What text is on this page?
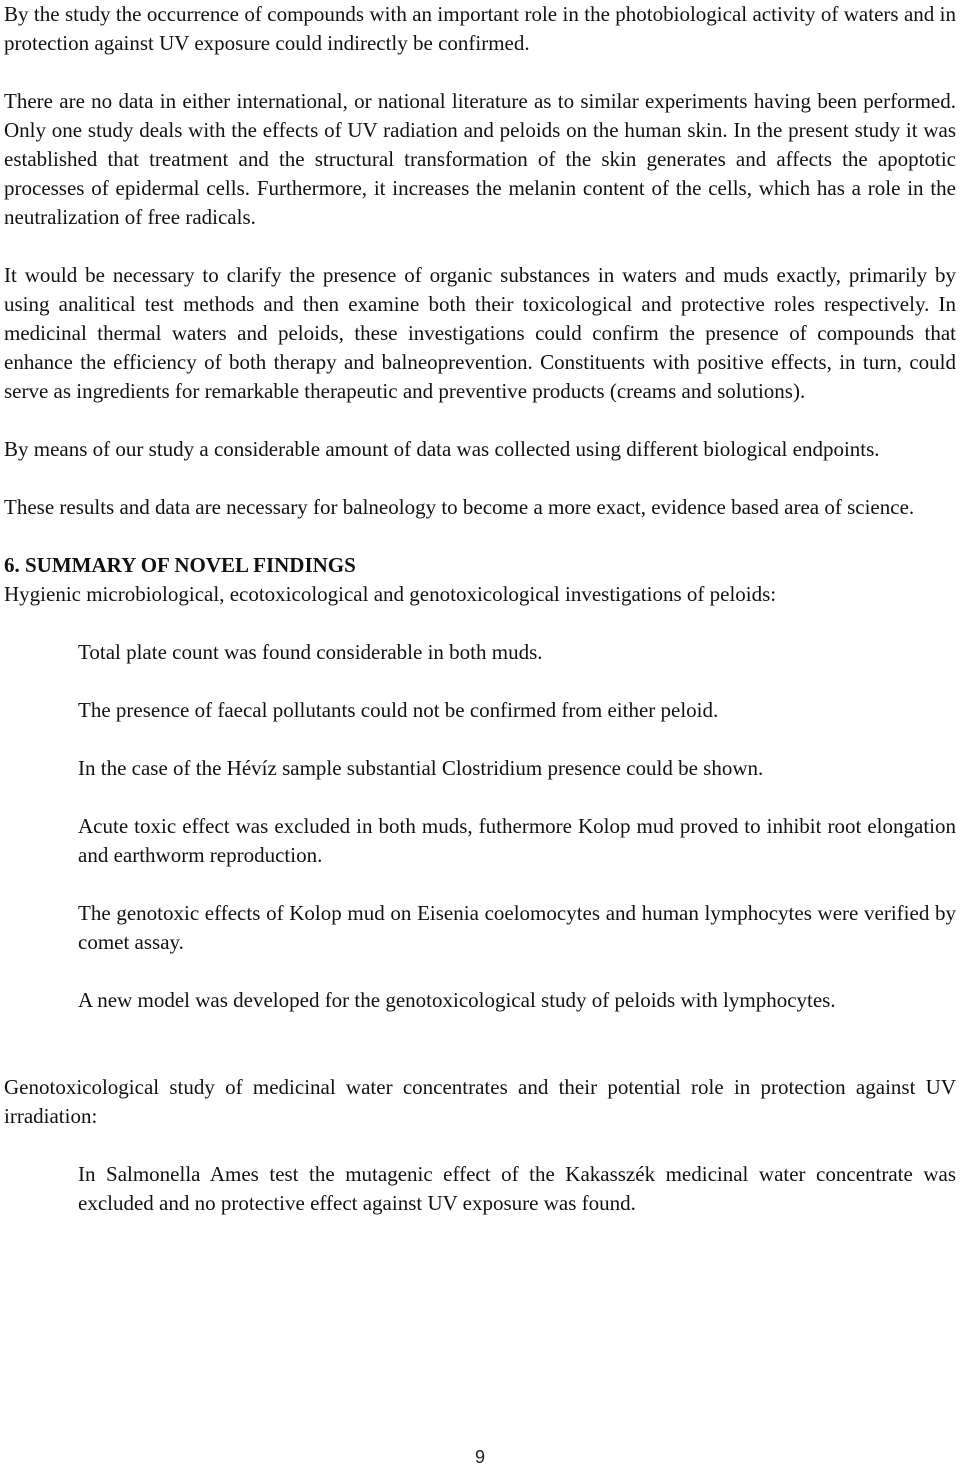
By the study the occurrence of compounds with an important role in the photobiological activity of waters and in protection against UV exposure could indirectly be confirmed.

There are no data in either international, or national literature as to similar experiments having been performed. Only one study deals with the effects of UV radiation and peloids on the human skin. In the present study it was established that treatment and the structural transformation of the skin generates and affects the apoptotic processes of epidermal cells. Furthermore, it increases the melanin content of the cells, which has a role in the neutralization of free radicals.

It would be necessary to clarify the presence of organic substances in waters and muds exactly, primarily by using analitical test methods and then examine both their toxicological and protective roles respectively. In medicinal thermal waters and peloids, these investigations could confirm the presence of compounds that enhance the efficiency of both therapy and balneoprevention. Constituents with positive effects, in turn, could serve as ingredients for remarkable therapeutic and preventive products (creams and solutions).

By means of our study a considerable amount of data was collected using different biological endpoints.

These results and data are necessary for balneology to become a more exact, evidence based area of science.

6. SUMMARY OF NOVEL FINDINGS

Hygienic microbiological, ecotoxicological and genotoxicological investigations of peloids:

Total plate count was found considerable in both muds.

The presence of faecal pollutants could not be confirmed from either peloid.

In the case of the Hévíz sample substantial Clostridium presence could be shown.

Acute toxic effect was excluded in both muds, futhermore Kolop mud proved to inhibit root elongation and earthworm reproduction.

The genotoxic effects of Kolop mud on Eisenia coelomocytes and human lymphocytes were verified by comet assay.

A new model was developed for the genotoxicological study of peloids with lymphocytes.

Genotoxicological study of medicinal water concentrates and their potential role in protection against UV irradiation:

In Salmonella Ames test the mutagenic effect of the Kakasszék medicinal water concentrate was excluded and no protective effect against UV exposure was found.

9
